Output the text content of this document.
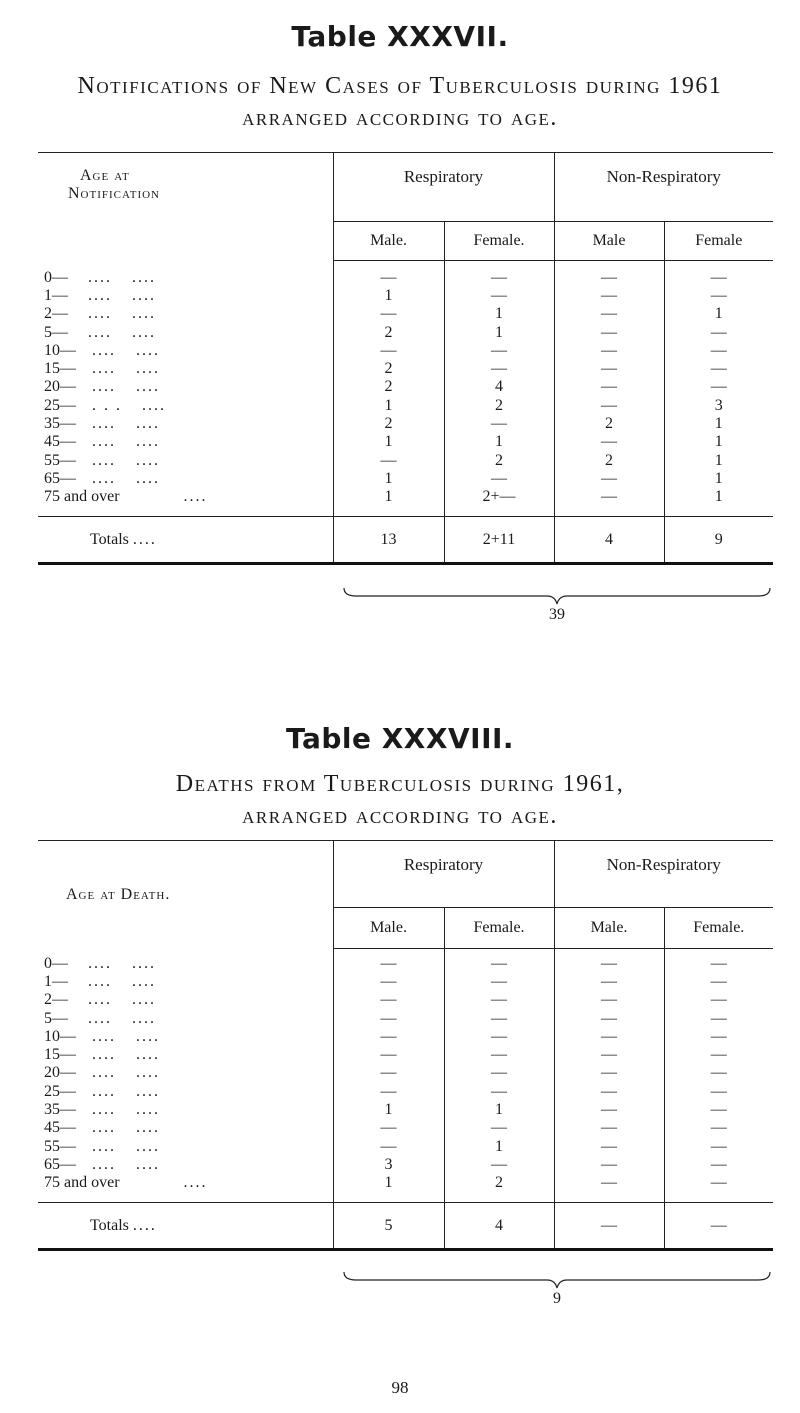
Table XXXVII.
Notifications of New Cases of Tuberculosis during 1961
arranged according to age.
Age at
Notification	Respiratory		Non-Respiratory	
	Male.	Female.	Male	Female

0— .... ....	—	—	—	—
1— .... ....	1	—	—	—
2— .... ....	—	1	—	1
5— .... ....	2	1	—	—
10— .... ....	—	—	—	—
15— .... ....	2	—	—	—
20— .... ....	2	4	—	—
25— . . . ....	1	2	—	3
35— .... ....	2	—	2	1
45— .... ....	1	1	—	1
55— .... ....	—	2	2	1
65— .... ....	1	—	—	1
75 and over ....	1	2+—	—	1

Totals ....	13	2+11	4	9

39
Table XXXVIII.
Deaths from Tuberculosis during 1961,
arranged according to age.
Age at Death.	Respiratory		Non-Respiratory	
	Male.	Female.	Male.	Female.

0— .... ....	—	—	—	—
1— .... ....	—	—	—	—
2— .... ....	—	—	—	—
5— .... ....	—	—	—	—
10— .... ....	—	—	—	—
15— .... ....	—	—	—	—
20— .... ....	—	—	—	—
25— .... ....	—	—	—	—
35— .... ....	1	1	—	—
45— .... ....	—	—	—	—
55— .... ....	—	1	—	—
65— .... ....	3	—	—	—
75 and over ....	1	2	—	—

Totals ....	5	4	—	—

9
98
